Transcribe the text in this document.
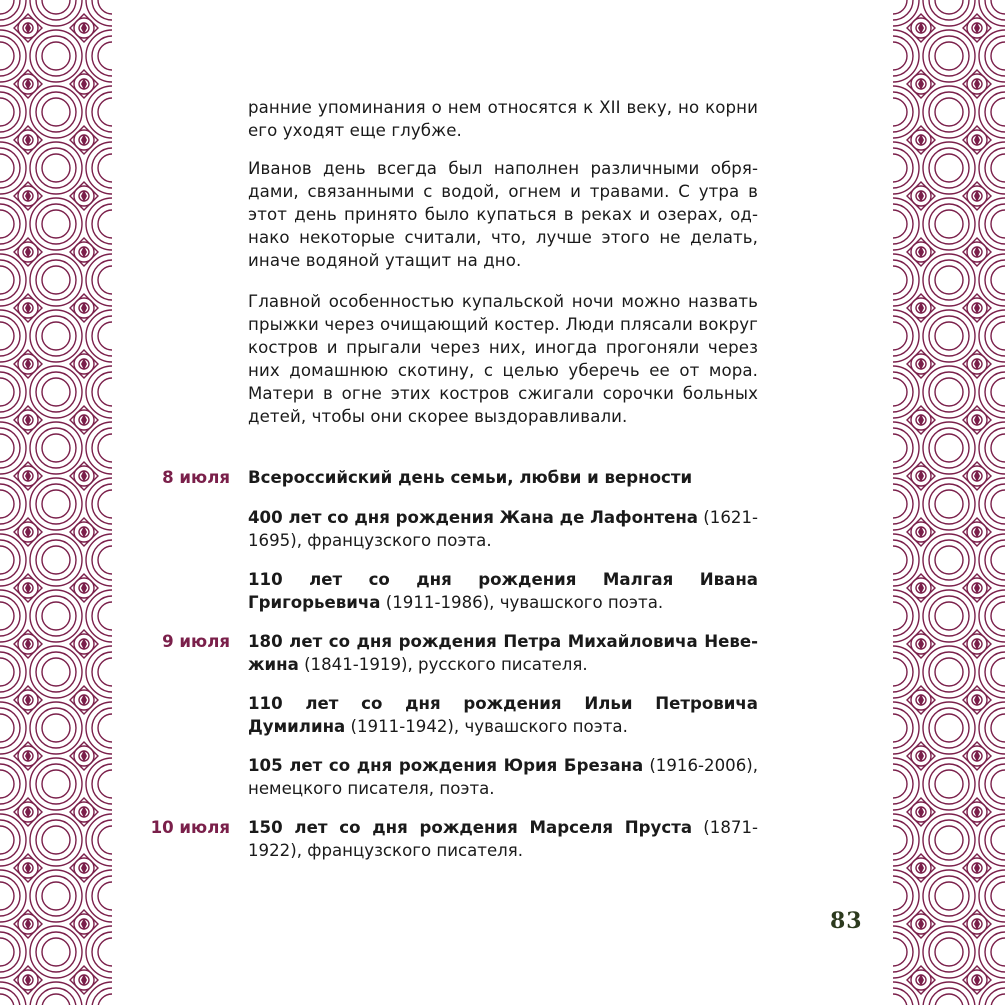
ранние упоминания о нем относятся к XII веку, но корни его уходят еще глубже.

Иванов день всегда был наполнен различными обрядами, связанными с водой, огнем и травами. С утра в этот день принято было купаться в реках и озерах, однако некоторые считали, что, лучше этого не делать, иначе водяной утащит на дно.

Главной особенностью купальской ночи можно назвать прыжки через очищающий костер. Люди плясали вокруг костров и прыгали через них, иногда прогоняли через них домашнюю скотину, с целью уберечь ее от мора. Матери в огне этих костров сжигали сорочки больных детей, чтобы они скорее выздоравливали.

8 июля Всероссийский день семьи, любви и верности
400 лет со дня рождения Жана де Лафонтена (1621-1695), французского поэта.
110 лет со дня рождения Малгая Ивана Григорьевича (1911-1986), чувашского поэта.
9 июля 180 лет со дня рождения Петра Михайловича Невежина (1841-1919), русского писателя.
110 лет со дня рождения Ильи Петровича Думилина (1911-1942), чувашского поэта.
105 лет со дня рождения Юрия Брезана (1916-2006), немецкого писателя, поэта.
10 июля 150 лет со дня рождения Марселя Пруста (1871-1922), французского писателя.
83
